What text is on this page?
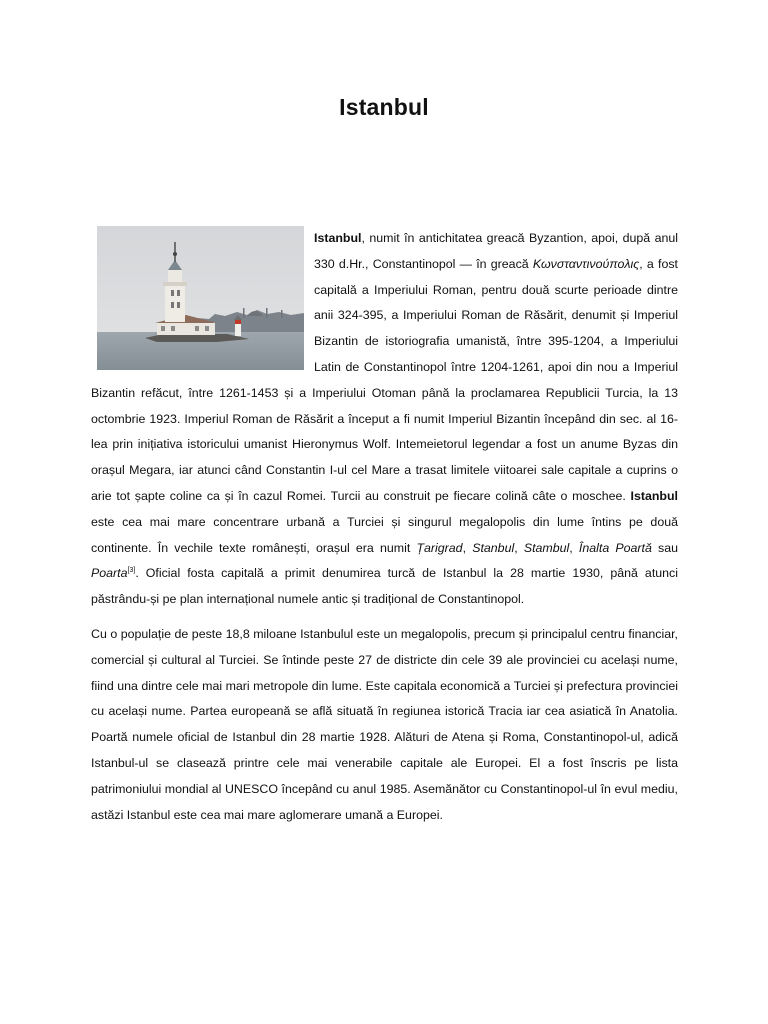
Istanbul

Istanbul, numit în antichitatea greacă Byzantion, apoi, după anul 330 d.Hr., Constantinopol — în greacă Κωνσταντινούπολις, a fost capitală a Imperiului Roman, pentru două scurte perioade dintre anii 324-395, a Imperiului Roman de Răsărit, denumit și Imperiul Bizantin de istoriografia umanistă, între 395-1204, a Imperiului Latin de Constantinopol între 1204-1261, apoi din nou a Imperiul Bizantin refăcut, între 1261-1453 și a Imperiului Otoman până la proclamarea Republicii Turcia, la 13 octombrie 1923. Imperiul Roman de Răsărit a început a fi numit Imperiul Bizantin începând din sec. al 16-lea prin inițiativa istoricului umanist Hieronymus Wolf. Intemeietorul legendar a fost un anume Byzas din orașul Megara, iar atunci când Constantin I-ul cel Mare a trasat limitele viitoarei sale capitale a cuprins o arie tot șapte coline ca și în cazul Romei. Turcii au construit pe fiecare colină câte o moschee. Istanbul este cea mai mare concentrare urbană a Turciei și singurul megalopolis din lume întins pe două continente. În vechile texte românești, orașul era numit Țarigrad, Stanbul, Stambul, Înalta Poartă sau Poarta[3]. Oficial fosta capitală a primit denumirea turcă de Istanbul la 28 martie 1930, până atunci păstrându-și pe plan internațional numele antic și tradițional de Constantinopol.

Cu o populație de peste 18,8 miloane Istanbulul este un megalopolis, precum și principalul centru financiar, comercial și cultural al Turciei. Se întinde peste 27 de districte din cele 39 ale provinciei cu același nume, fiind una dintre cele mai mari metropole din lume. Este capitala economică a Turciei și prefectura provinciei cu același nume. Partea europeană se află situată în regiunea istorică Tracia iar cea asiatică în Anatolia. Poartă numele oficial de Istanbul din 28 martie 1928. Alături de Atena și Roma, Constantinopol-ul, adică Istanbul-ul se clasează printre cele mai venerabile capitale ale Europei. El a fost înscris pe lista patrimoniului mondial al UNESCO începând cu anul 1985. Asemănător cu Constantinopol-ul în evul mediu, astăzi Istanbul este cea mai mare aglomerare umană a Europei.
